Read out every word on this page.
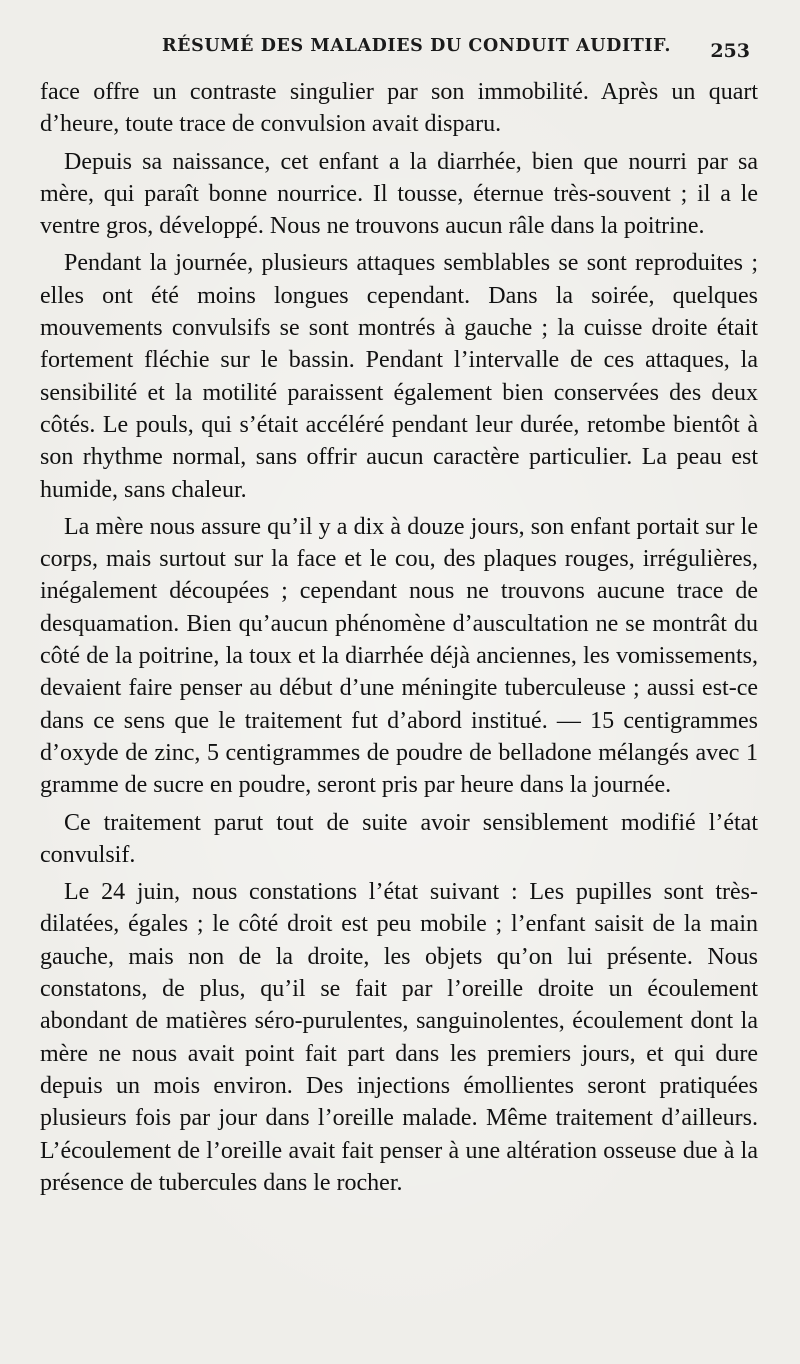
RÉSUMÉ DES MALADIES DU CONDUIT AUDITIF. 253

face offre un contraste singulier par son immobilité. Après un quart d’heure, toute trace de convulsion avait disparu.

Depuis sa naissance, cet enfant a la diarrhée, bien que nourri par sa mère, qui paraît bonne nourrice. Il tousse, éternue très-souvent ; il a le ventre gros, développé. Nous ne trouvons aucun râle dans la poitrine.

Pendant la journée, plusieurs attaques semblables se sont reproduites ; elles ont été moins longues cependant. Dans la soirée, quelques mouvements convulsifs se sont montrés à gauche ; la cuisse droite était fortement fléchie sur le bassin. Pendant l’intervalle de ces attaques, la sensibilité et la motilité paraissent également bien conservées des deux côtés. Le pouls, qui s’était accéléré pendant leur durée, retombe bientôt à son rhythme normal, sans offrir aucun caractère particulier. La peau est humide, sans chaleur.

La mère nous assure qu’il y a dix à douze jours, son enfant portait sur le corps, mais surtout sur la face et le cou, des plaques rouges, irrégulières, inégalement découpées ; cependant nous ne trouvons aucune trace de desquamation. Bien qu’aucun phénomène d’auscultation ne se montrât du côté de la poitrine, la toux et la diarrhée déjà anciennes, les vomissements, devaient faire penser au début d’une méningite tuberculeuse ; aussi est-ce dans ce sens que le traitement fut d’abord institué. — 15 centigrammes d’oxyde de zinc, 5 centigrammes de poudre de belladone mélangés avec 1 gramme de sucre en poudre, seront pris par heure dans la journée.

Ce traitement parut tout de suite avoir sensiblement modifié l’état convulsif.

Le 24 juin, nous constations l’état suivant : Les pupilles sont très-dilatées, égales ; le côté droit est peu mobile ; l’enfant saisit de la main gauche, mais non de la droite, les objets qu’on lui présente. Nous constatons, de plus, qu’il se fait par l’oreille droite un écoulement abondant de matières séro-purulentes, sanguinolentes, écoulement dont la mère ne nous avait point fait part dans les premiers jours, et qui dure depuis un mois environ. Des injections émollientes seront pratiquées plusieurs fois par jour dans l’oreille malade. Même traitement d’ailleurs. L’écoulement de l’oreille avait fait penser à une altération osseuse due à la présence de tubercules dans le rocher.
